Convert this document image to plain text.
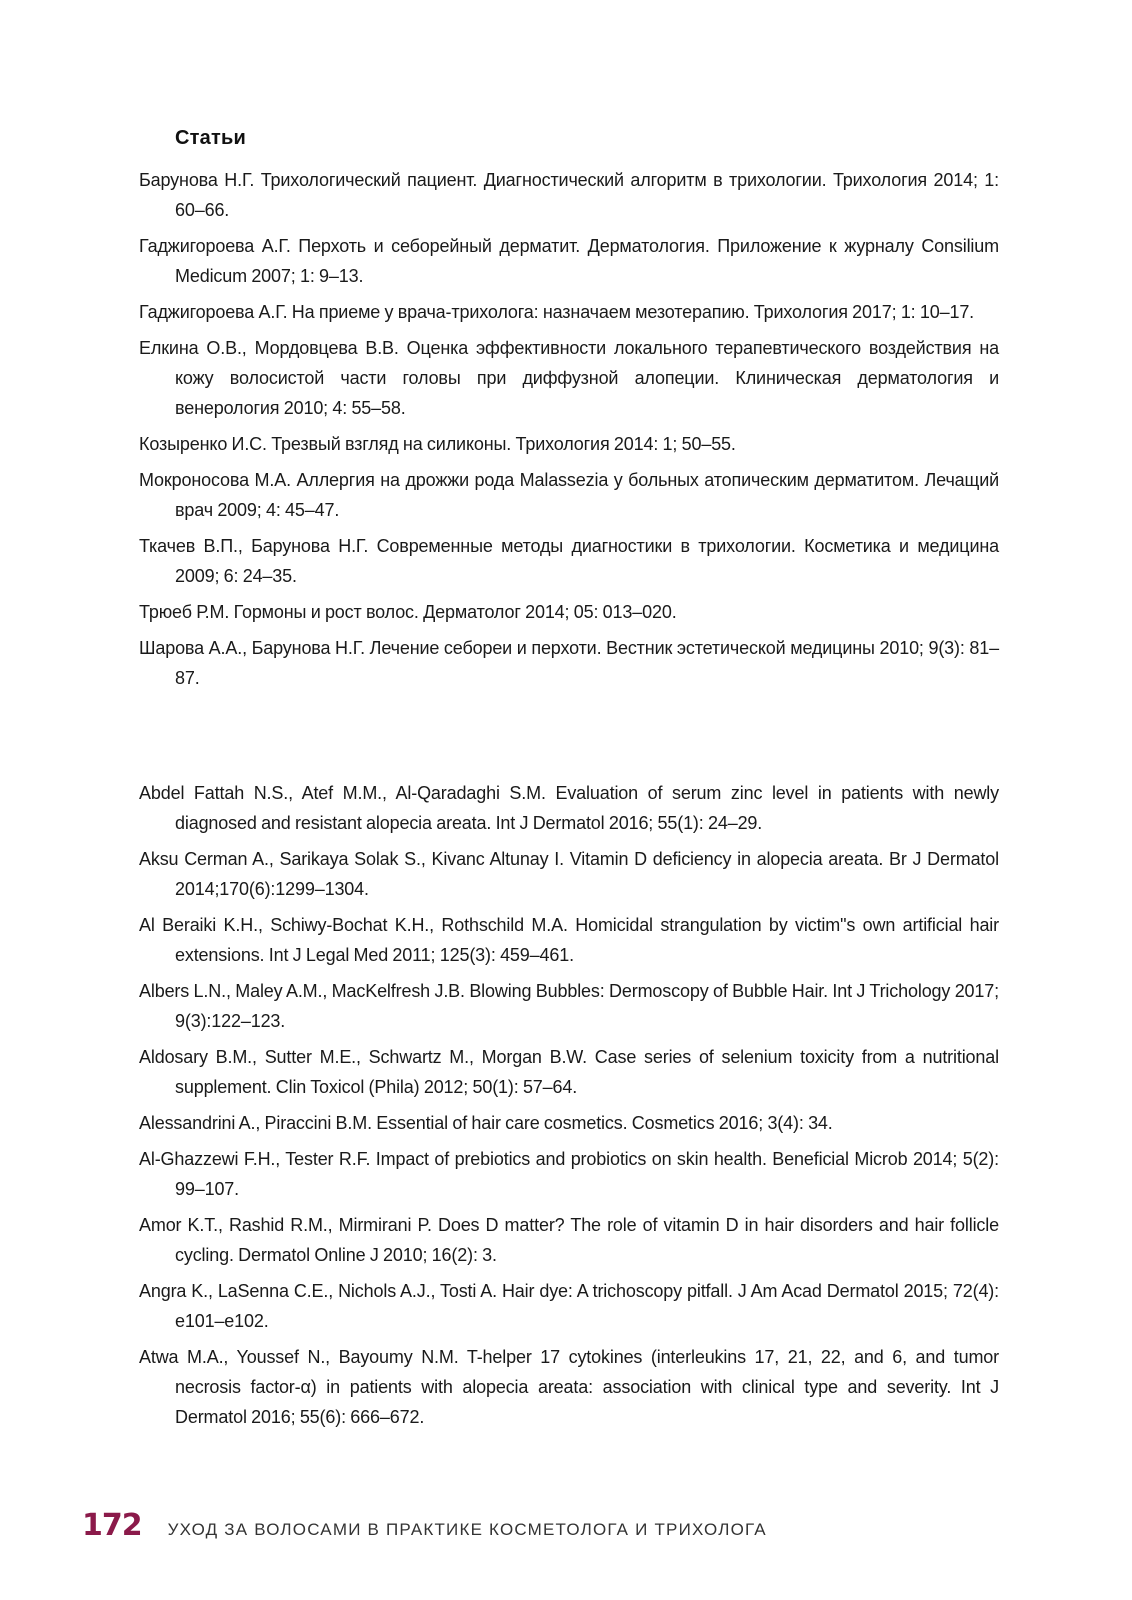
Статьи

Барунова Н.Г. Трихологический пациент. Диагностический алгоритм в трихологии. Трихология 2014; 1: 60–66.

Гаджигороева А.Г. Перхоть и себорейный дерматит. Дерматология. Приложение к журналу Consilium Medicum 2007; 1: 9–13.

Гаджигороева А.Г. На приеме у врача-трихолога: назначаем мезотерапию. Трихология 2017; 1: 10–17.

Елкина О.В., Мордовцева В.В. Оценка эффективности локального терапевтического воздействия на кожу волосистой части головы при диффузной алопеции. Клиническая дерматология и венерология 2010; 4: 55–58.

Козыренко И.С. Трезвый взгляд на силиконы. Трихология 2014: 1; 50–55.

Мокроносова М.А. Аллергия на дрожжи рода Malassezia у больных атопическим дерматитом. Лечащий врач 2009; 4: 45–47.

Ткачев В.П., Барунова Н.Г. Современные методы диагностики в трихологии. Косметика и медицина 2009; 6: 24–35.

Трюеб Р.М. Гормоны и рост волос. Дерматолог 2014; 05: 013–020.

Шарова А.А., Барунова Н.Г. Лечение себореи и перхоти. Вестник эстетической медицины 2010; 9(3): 81–87.

Abdel Fattah N.S., Atef M.M., Al-Qaradaghi S.M. Evaluation of serum zinc level in patients with newly diagnosed and resistant alopecia areata. Int J Dermatol 2016; 55(1): 24–29.

Aksu Cerman A., Sarikaya Solak S., Kivanc Altunay I. Vitamin D deficiency in alopecia areata. Br J Dermatol 2014;170(6):1299–1304.

Al Beraiki K.H., Schiwy-Bochat K.H., Rothschild M.A. Homicidal strangulation by victim"s own artificial hair extensions. Int J Legal Med 2011; 125(3): 459–461.

Albers L.N., Maley A.M., MacKelfresh J.B. Blowing Bubbles: Dermoscopy of Bubble Hair. Int J Trichology 2017; 9(3):122–123.

Aldosary B.M., Sutter M.E., Schwartz M., Morgan B.W. Case series of selenium toxicity from a nutritional supplement. Clin Toxicol (Phila) 2012; 50(1): 57–64.

Alessandrini A., Piraccini B.M. Essential of hair care cosmetics. Cosmetics 2016; 3(4): 34.

Al-Ghazzewi F.H., Tester R.F. Impact of prebiotics and probiotics on skin health. Beneficial Microb 2014; 5(2): 99–107.

Amor K.T., Rashid R.M., Mirmirani P. Does D matter? The role of vitamin D in hair disorders and hair follicle cycling. Dermatol Online J 2010; 16(2): 3.

Angra K., LaSenna C.E., Nichols A.J., Tosti A. Hair dye: A trichoscopy pitfall. J Am Acad Dermatol 2015; 72(4): e101–e102.

Atwa M.A., Youssef N., Bayoumy N.M. T-helper 17 cytokines (interleukins 17, 21, 22, and 6, and tumor necrosis factor-α) in patients with alopecia areata: association with clinical type and severity. Int J Dermatol 2016; 55(6): 666–672.

172 УХОД ЗА ВОЛОСАМИ В ПРАКТИКЕ КОСМЕТОЛОГА И ТРИХОЛОГА
